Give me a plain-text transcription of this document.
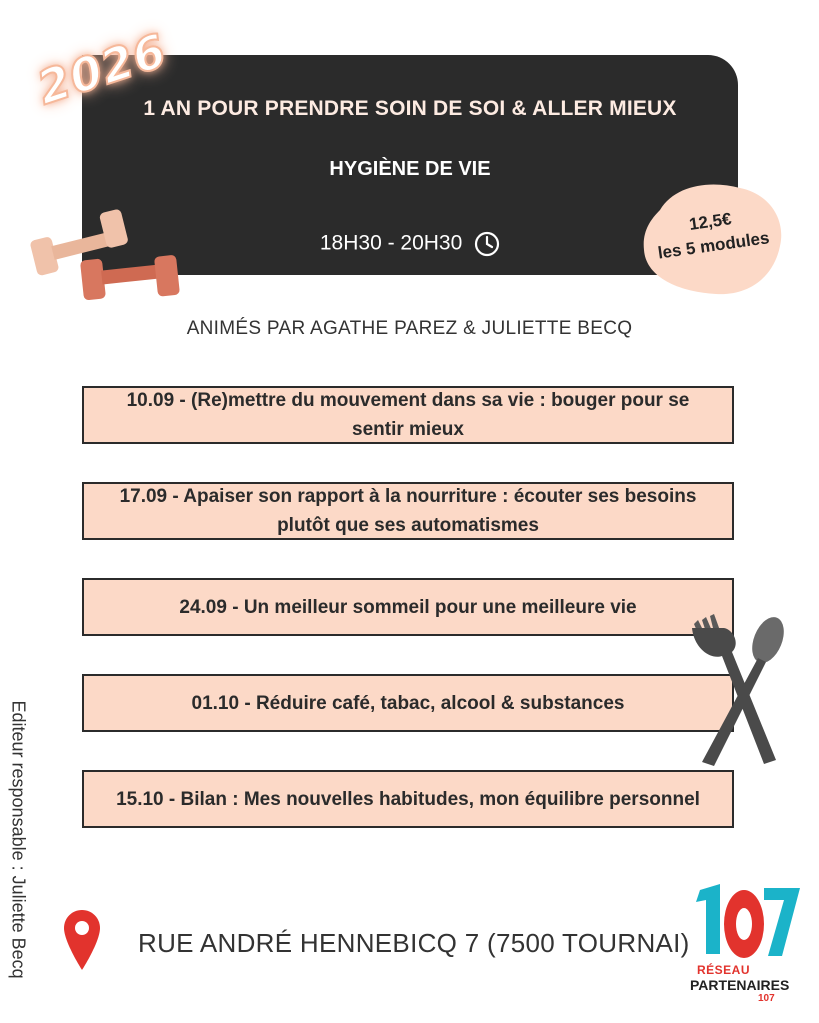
2026
1 AN POUR PRENDRE SOIN DE SOI & ALLER MIEUX
HYGIÈNE DE VIE
18H30 - 20H30
12,5€
les 5 modules
ANIMÉS PAR AGATHE PAREZ & JULIETTE BECQ
10.09 - (Re)mettre du mouvement dans sa vie : bouger pour se
sentir mieux
17.09 - Apaiser son rapport à la nourriture : écouter ses besoins
plutôt que ses automatismes
24.09 - Un meilleur sommeil pour une meilleure vie
01.10 - Réduire café, tabac, alcool & substances
15.10 - Bilan : Mes nouvelles habitudes, mon équilibre personnel
Editeur responsable : Juliette Becq	RUE ANDRÉ HENNEBICQ 7 (7500 TOURNAI)
RÉSEAU
PARTENAIRES
107
